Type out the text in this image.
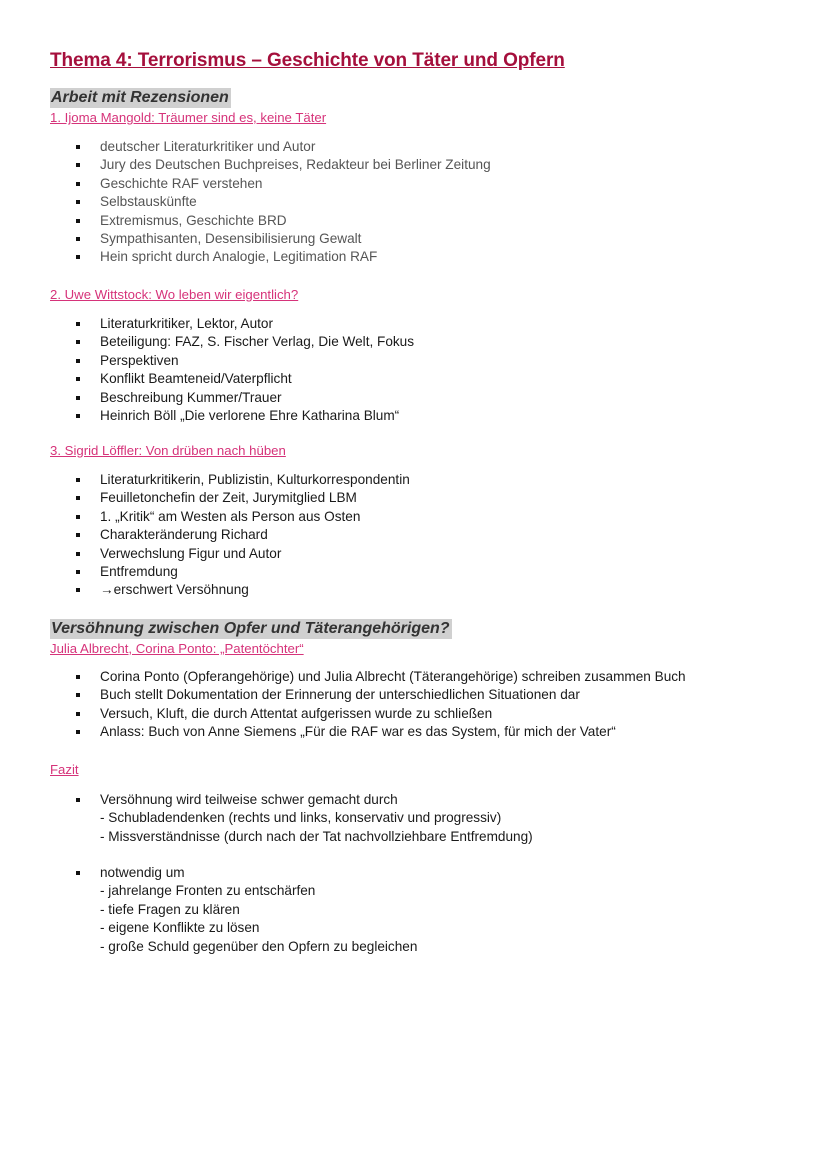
Thema 4: Terrorismus – Geschichte von Täter und Opfern
Arbeit mit Rezensionen
1. Ijoma Mangold: Träumer sind es, keine Täter
deutscher Literaturkritiker und Autor
Jury des Deutschen Buchpreises, Redakteur bei Berliner Zeitung
Geschichte RAF verstehen
Selbstauskünfte
Extremismus, Geschichte BRD
Sympathisanten, Desensibilisierung Gewalt
Hein spricht durch Analogie, Legitimation RAF
2. Uwe Wittstock: Wo leben wir eigentlich?
Literaturkritiker, Lektor, Autor
Beteiligung: FAZ, S. Fischer Verlag, Die Welt, Fokus
Perspektiven
Konflikt Beamteneid/Vaterpflicht
Beschreibung Kummer/Trauer
Heinrich Böll „Die verlorene Ehre Katharina Blum“
3. Sigrid Löffler: Von drüben nach hüben
Literaturkritikerin, Publizistin, Kulturkorrespondentin
Feuilletonchefin der Zeit, Jurymitglied LBM
1. „Kritik“ am Westen als Person aus Osten
Charakteränderung Richard
Verwechslung Figur und Autor
Entfremdung
→erschwert Versöhnung
Versöhnung zwischen Opfer und Täterangehörigen?
Julia Albrecht, Corina Ponto: „Patentöchter“
Corina Ponto (Opferangehörige) und Julia Albrecht (Täterangehörige) schreiben zusammen Buch
Buch stellt Dokumentation der Erinnerung der unterschiedlichen Situationen dar
Versuch, Kluft, die durch Attentat aufgerissen wurde zu schließen
Anlass: Buch von Anne Siemens „Für die RAF war es das System, für mich der Vater“
Fazit
Versöhnung wird teilweise schwer gemacht durch
- Schubladendenken (rechts und links, konservativ und progressiv)
- Missverständnisse (durch nach der Tat nachvollziehbare Entfremdung)
notwendig um
- jahrelange Fronten zu entschärfen
- tiefe Fragen zu klären
- eigene Konflikte zu lösen
- große Schuld gegenüber den Opfern zu begleichen
